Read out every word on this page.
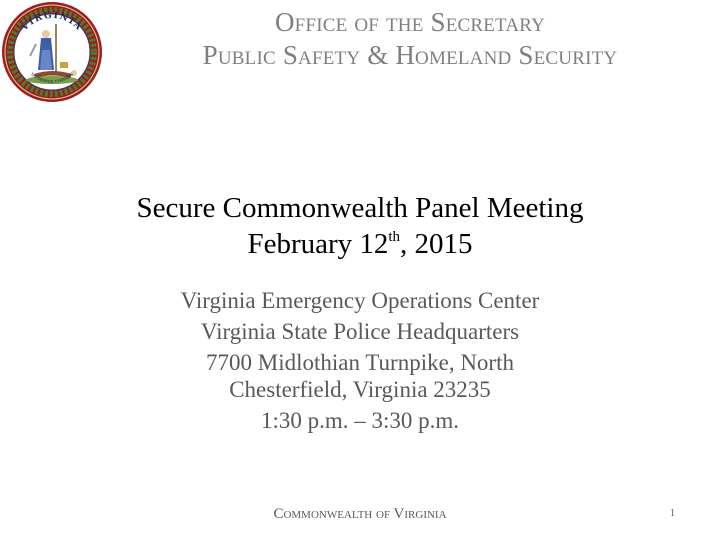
VIRGINIA
SIC SEMPER TYRANNIS
Office of the Secretary
Public Safety & Homeland Security
Secure Commonwealth Panel Meeting
February 12th, 2015
Virginia Emergency Operations Center
Virginia State Police Headquarters
7700 Midlothian Turnpike, North
Chesterfield, Virginia 23235
1:30 p.m. – 3:30 p.m.
Commonwealth of Virginia	1
